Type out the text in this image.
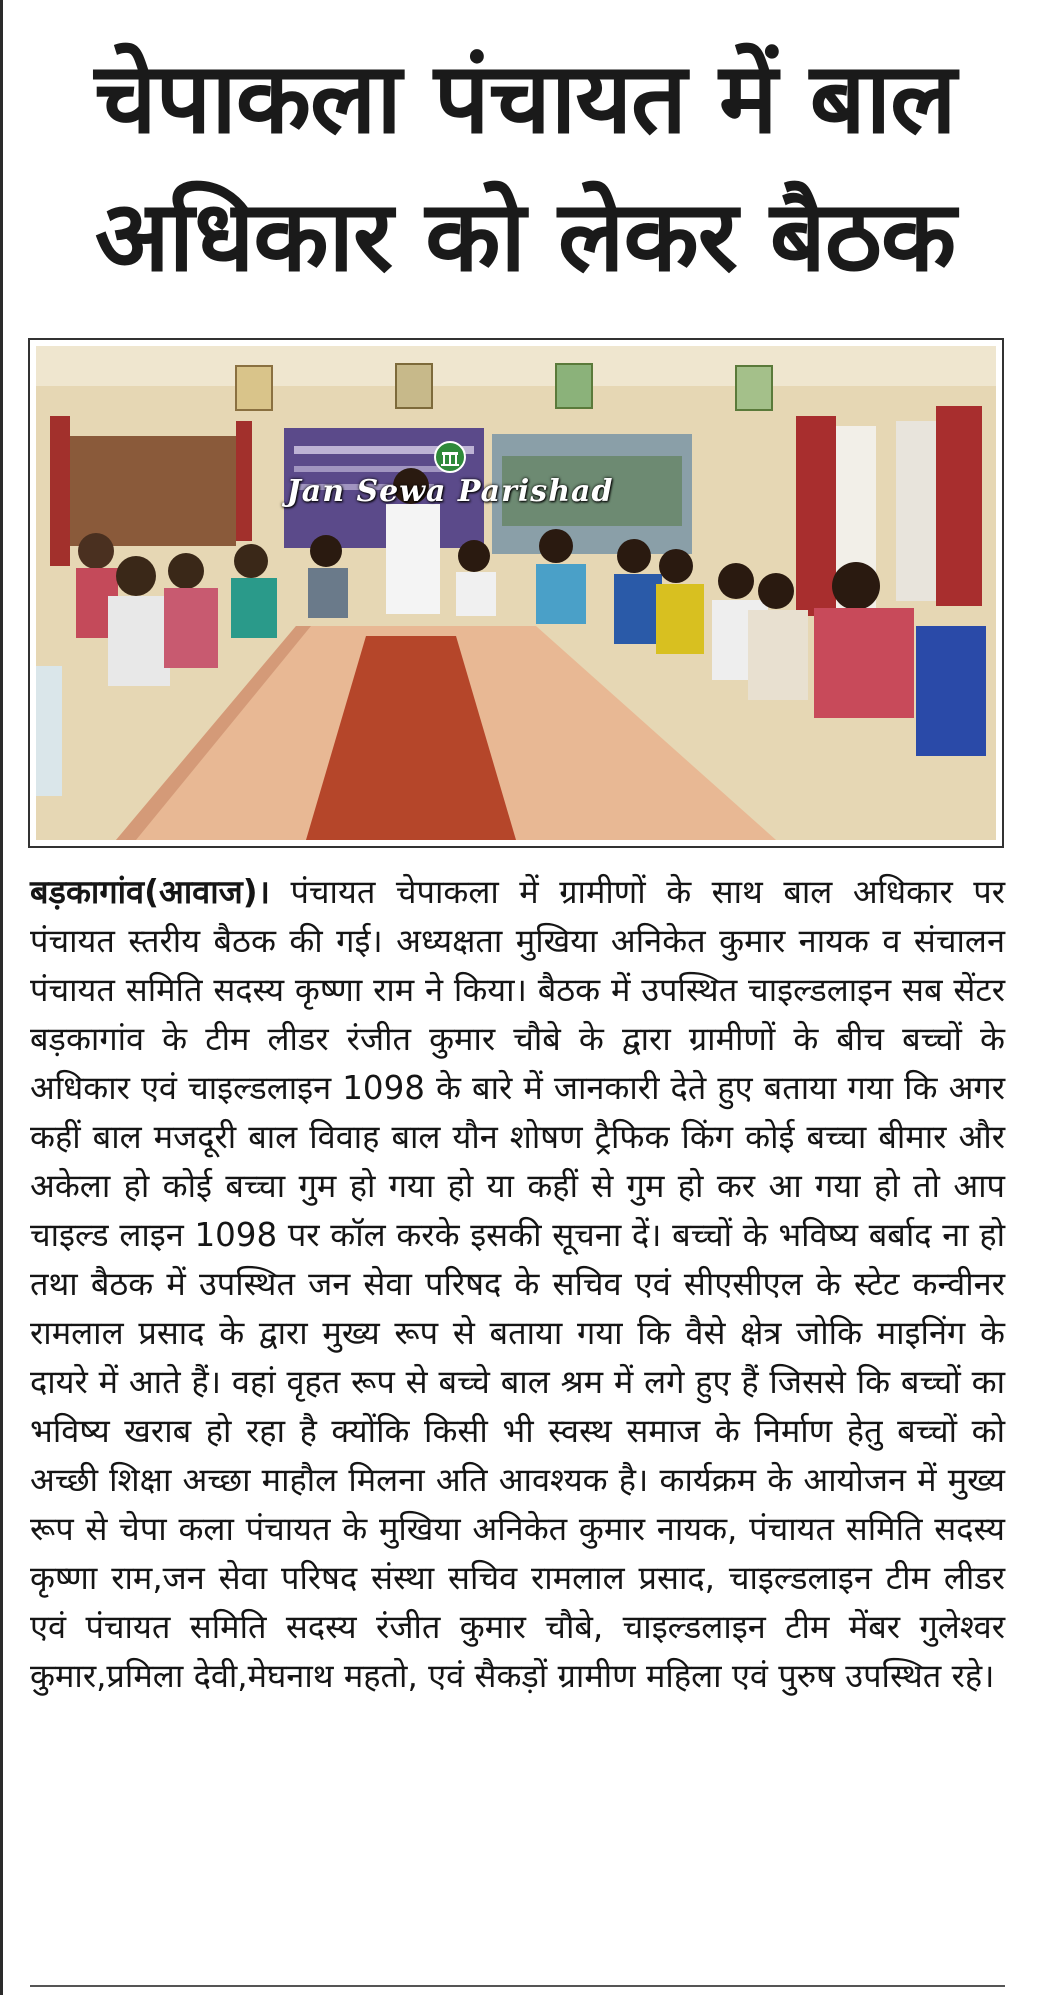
चेपाकला पंचायत में बाल अधिकार को लेकर बैठक
Jan Sewa Parishad

बड़कागांव(आवाज)। पंचायत चेपाकला में ग्रामीणों के साथ बाल अधिकार पर पंचायत स्तरीय बैठक की गई। अध्यक्षता मुखिया अनिकेत कुमार नायक व संचालन पंचायत समिति सदस्य कृष्णा राम ने किया। बैठक में उपस्थित चाइल्डलाइन सब सेंटर बड़कागांव के टीम लीडर रंजीत कुमार चौबे के द्वारा ग्रामीणों के बीच बच्चों के अधिकार एवं चाइल्डलाइन 1098 के बारे में जानकारी देते हुए बताया गया कि अगर कहीं बाल मजदूरी बाल विवाह बाल यौन शोषण ट्रैफिक किंग कोई बच्चा बीमार और अकेला हो कोई बच्चा गुम हो गया हो या कहीं से गुम हो कर आ गया हो तो आप चाइल्ड लाइन 1098 पर कॉल करके इसकी सूचना दें। बच्चों के भविष्य बर्बाद ना हो तथा बैठक में उपस्थित जन सेवा परिषद के सचिव एवं सीएसीएल के स्टेट कन्वीनर रामलाल प्रसाद के द्वारा मुख्य रूप से बताया गया कि वैसे क्षेत्र जोकि माइनिंग के दायरे में आते हैं। वहां वृहत रूप से बच्चे बाल श्रम में लगे हुए हैं जिससे कि बच्चों का भविष्य खराब हो रहा है क्योंकि किसी भी स्वस्थ समाज के निर्माण हेतु बच्चों को अच्छी शिक्षा अच्छा माहौल मिलना अति आवश्यक है। कार्यक्रम के आयोजन में मुख्य रूप से चेपा कला पंचायत के मुखिया अनिकेत कुमार नायक, पंचायत समिति सदस्य कृष्णा राम,जन सेवा परिषद संस्था सचिव रामलाल प्रसाद, चाइल्डलाइन टीम लीडर एवं पंचायत समिति सदस्य रंजीत कुमार चौबे, चाइल्डलाइन टीम मेंबर गुलेश्वर कुमार,प्रमिला देवी,मेघनाथ महतो, एवं सैकड़ों ग्रामीण महिला एवं पुरुष उपस्थित रहे।
